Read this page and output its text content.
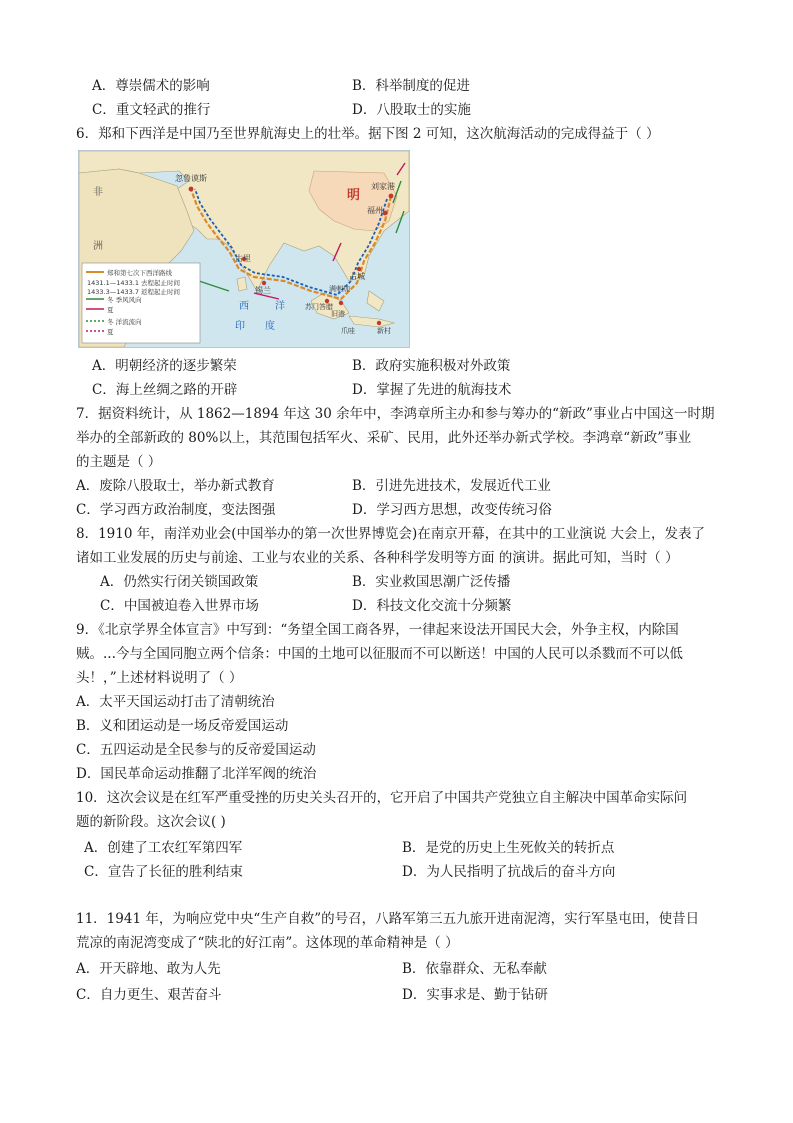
A．尊崇儒术的影响	B．科举制度的促进
C．重文轻武的推行	D．八股取士的实施
6．郑和下西洋是中国乃至世界航海史上的壮举。据下图 2 可知，这次航海活动的完成得益于（ ）
忽鲁谟斯
明
刘家港
福州
非
洲
古里
锡兰
占城
西	洋
印 度
满剌加
苏门答腊
旧港
爪哇	新村
郑和第七次下西洋路线
1431.1—1433.1 去程起止时间
1433.3—1433.7 返程起止时间
冬 季风风向
夏
冬 洋流流向
夏
A．明朝经济的逐步繁荣	B．政府实施积极对外政策
C．海上丝绸之路的开辟	D．掌握了先进的航海技术
7．据资料统计，从 1862—1894 年这 30 余年中，李鸿章所主办和参与筹办的“新政”事业占中国这一时期
举办的全部新政的 80%以上，其范围包括军火、采矿、民用，此外还举办新式学校。李鸿章“新政”事业
的主题是（ ）
A．废除八股取士，举办新式教育	B．引进先进技术，发展近代工业
C．学习西方政治制度，变法图强	D．学习西方思想，改变传统习俗
8．1910 年，南洋劝业会(中国举办的第一次世界博览会)在南京开幕，在其中的工业演说 大会上，发表了
诸如工业发展的历史与前途、工业与农业的关系、各种科学发明等方面 的演讲。据此可知，当时（ ）
A．仍然实行闭关锁国政策	B．实业救国思潮广泛传播
C．中国被迫卷入世界市场	D．科技文化交流十分频繁
9．《北京学界全体宣言》中写到：“务望全国工商各界，一律起来设法开国民大会，外争主权，内除国
贼。...今与全国同胞立两个信条：中国的土地可以征服而不可以断送！中国的人民可以杀戮而不可以低
头！，”上述材料说明了（ ）
A．太平天国运动打击了清朝统治
B．义和团运动是一场反帝爱国运动
C．五四运动是全民参与的反帝爱国运动
D．国民革命运动推翻了北洋军阀的统治
10．这次会议是在红军严重受挫的历史关头召开的，它开启了中国共产党独立自主解决中国革命实际问
题的新阶段。这次会议( )
A．创建了工农红军第四军	B．是党的历史上生死攸关的转折点
C．宣告了长征的胜利结束	D．为人民指明了抗战后的奋斗方向
11．1941 年，为响应党中央“生产自救”的号召，八路军第三五九旅开进南泥湾，实行军垦屯田，使昔日
荒凉的南泥湾变成了“陕北的好江南”。这体现的革命精神是（ ）
A．开天辟地、敢为人先	B．依靠群众、无私奉献
C．自力更生、艰苦奋斗	D．实事求是、勤于钻研
